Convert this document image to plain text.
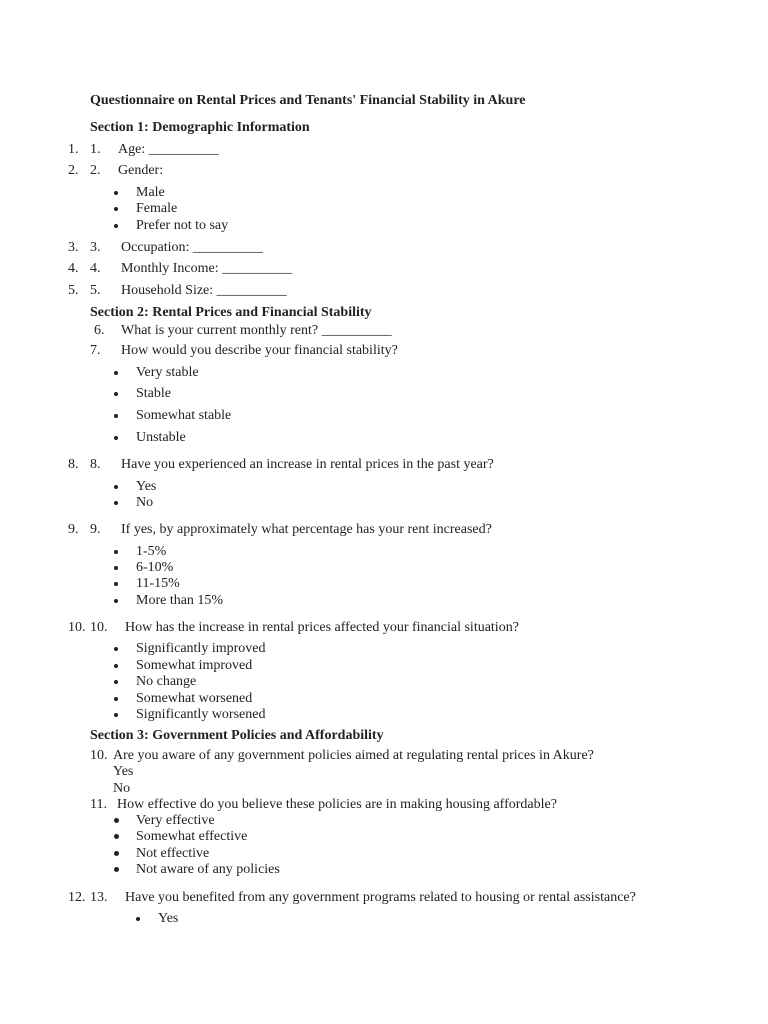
Questionnaire on Rental Prices and Tenants' Financial Stability in Akure
Section 1: Demographic Information
1. 1. Age: __________
2. 2. Gender:
Male
Female
Prefer not to say
3. 3. Occupation: __________
4. 4. Monthly Income: __________
5. 5. Household Size: __________
Section 2: Rental Prices and Financial Stability
6. What is your current monthly rent? __________
7. How would you describe your financial stability?
Very stable
Stable
Somewhat stable
Unstable
8. 8. Have you experienced an increase in rental prices in the past year?
Yes
No
9. 9. If yes, by approximately what percentage has your rent increased?
1-5%
6-10%
11-15%
More than 15%
10. 10. How has the increase in rental prices affected your financial situation?
Significantly improved
Somewhat improved
No change
Somewhat worsened
Significantly worsened
Section 3: Government Policies and Affordability
10. Are you aware of any government policies aimed at regulating rental prices in Akure?
Yes
No
11. How effective do you believe these policies are in making housing affordable?
Very effective
Somewhat effective
Not effective
Not aware of any policies
12. 13. Have you benefited from any government programs related to housing or rental assistance?
Yes
